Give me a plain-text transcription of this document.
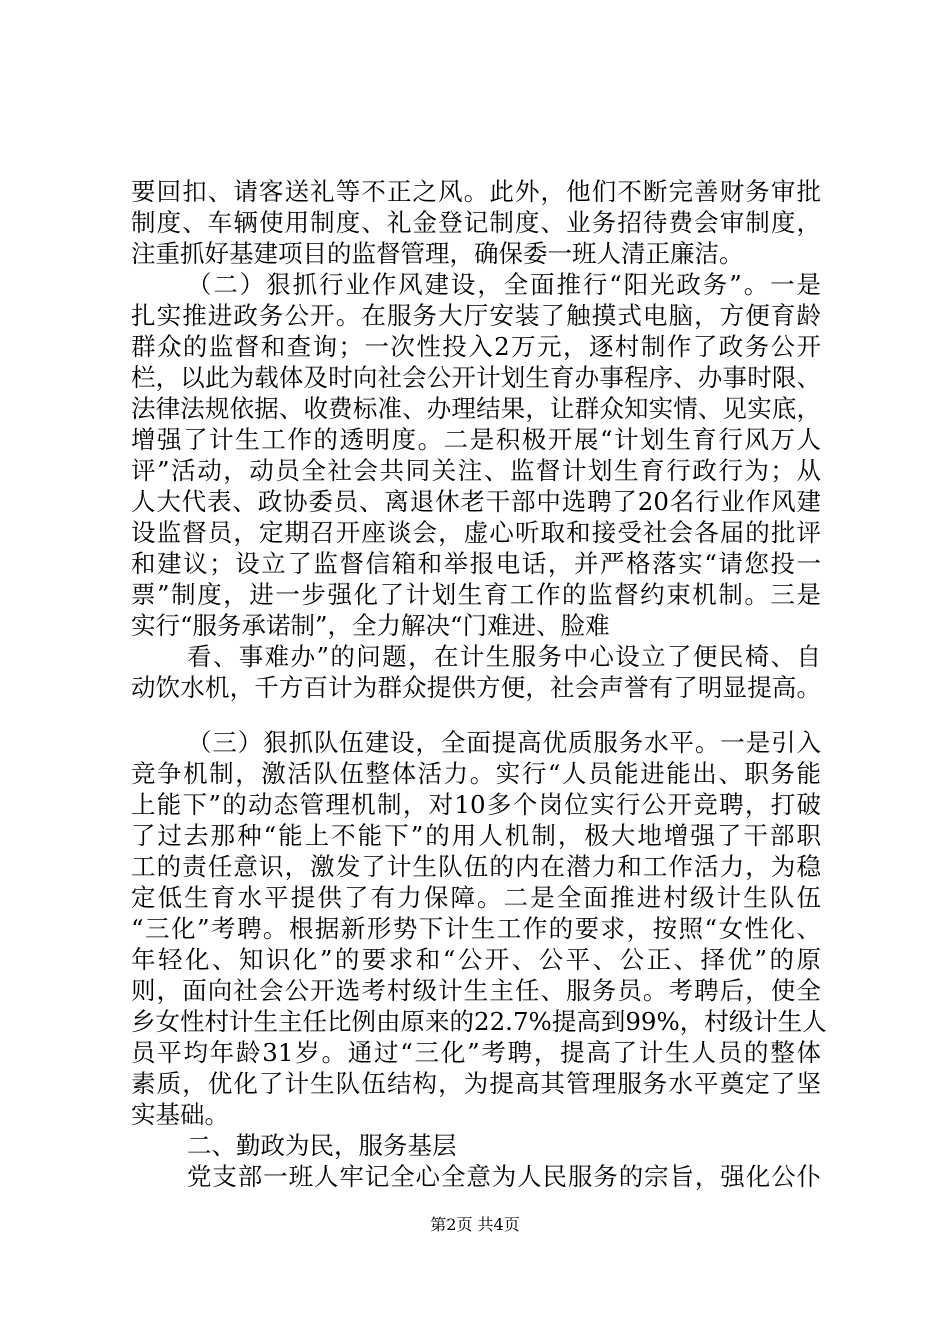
要回扣、请客送礼等不正之风。此外，他们不断完善财务审批
制度、车辆使用制度、礼金登记制度、业务招待费会审制度，
注重抓好基建项目的监督管理，确保委一班人清正廉洁。
（二）狠抓行业作风建设，全面推行“阳光政务”。一是
扎实推进政务公开。在服务大厅安装了触摸式电脑，方便育龄
群众的监督和查询；一次性投入2万元，逐村制作了政务公开
栏，以此为载体及时向社会公开计划生育办事程序、办事时限、
法律法规依据、收费标准、办理结果，让群众知实情、见实底，
增强了计生工作的透明度。二是积极开展“计划生育行风万人
评”活动，动员全社会共同关注、监督计划生育行政行为；从
人大代表、政协委员、离退休老干部中选聘了20名行业作风建
设监督员，定期召开座谈会，虚心听取和接受社会各届的批评
和建议；设立了监督信箱和举报电话，并严格落实“请您投一
票”制度，进一步强化了计划生育工作的监督约束机制。三是
实行“服务承诺制”，全力解决“门难进、脸难
看、事难办”的问题，在计生服务中心设立了便民椅、自
动饮水机，千方百计为群众提供方便，社会声誉有了明显提高。
（三）狠抓队伍建设，全面提高优质服务水平。一是引入
竞争机制，激活队伍整体活力。实行“人员能进能出、职务能
上能下”的动态管理机制，对10多个岗位实行公开竞聘，打破
了过去那种“能上不能下”的用人机制，极大地增强了干部职
工的责任意识，激发了计生队伍的内在潜力和工作活力，为稳
定低生育水平提供了有力保障。二是全面推进村级计生队伍
“三化”考聘。根据新形势下计生工作的要求，按照“女性化、
年轻化、知识化”的要求和“公开、公平、公正、择优”的原
则，面向社会公开选考村级计生主任、服务员。考聘后，使全
乡女性村计生主任比例由原来的22.7%提高到99%，村级计生人
员平均年龄31岁。通过“三化”考聘，提高了计生人员的整体
素质，优化了计生队伍结构，为提高其管理服务水平奠定了坚
实基础。
二、勤政为民，服务基层
党支部一班人牢记全心全意为人民服务的宗旨，强化公仆
第2页 共4页
